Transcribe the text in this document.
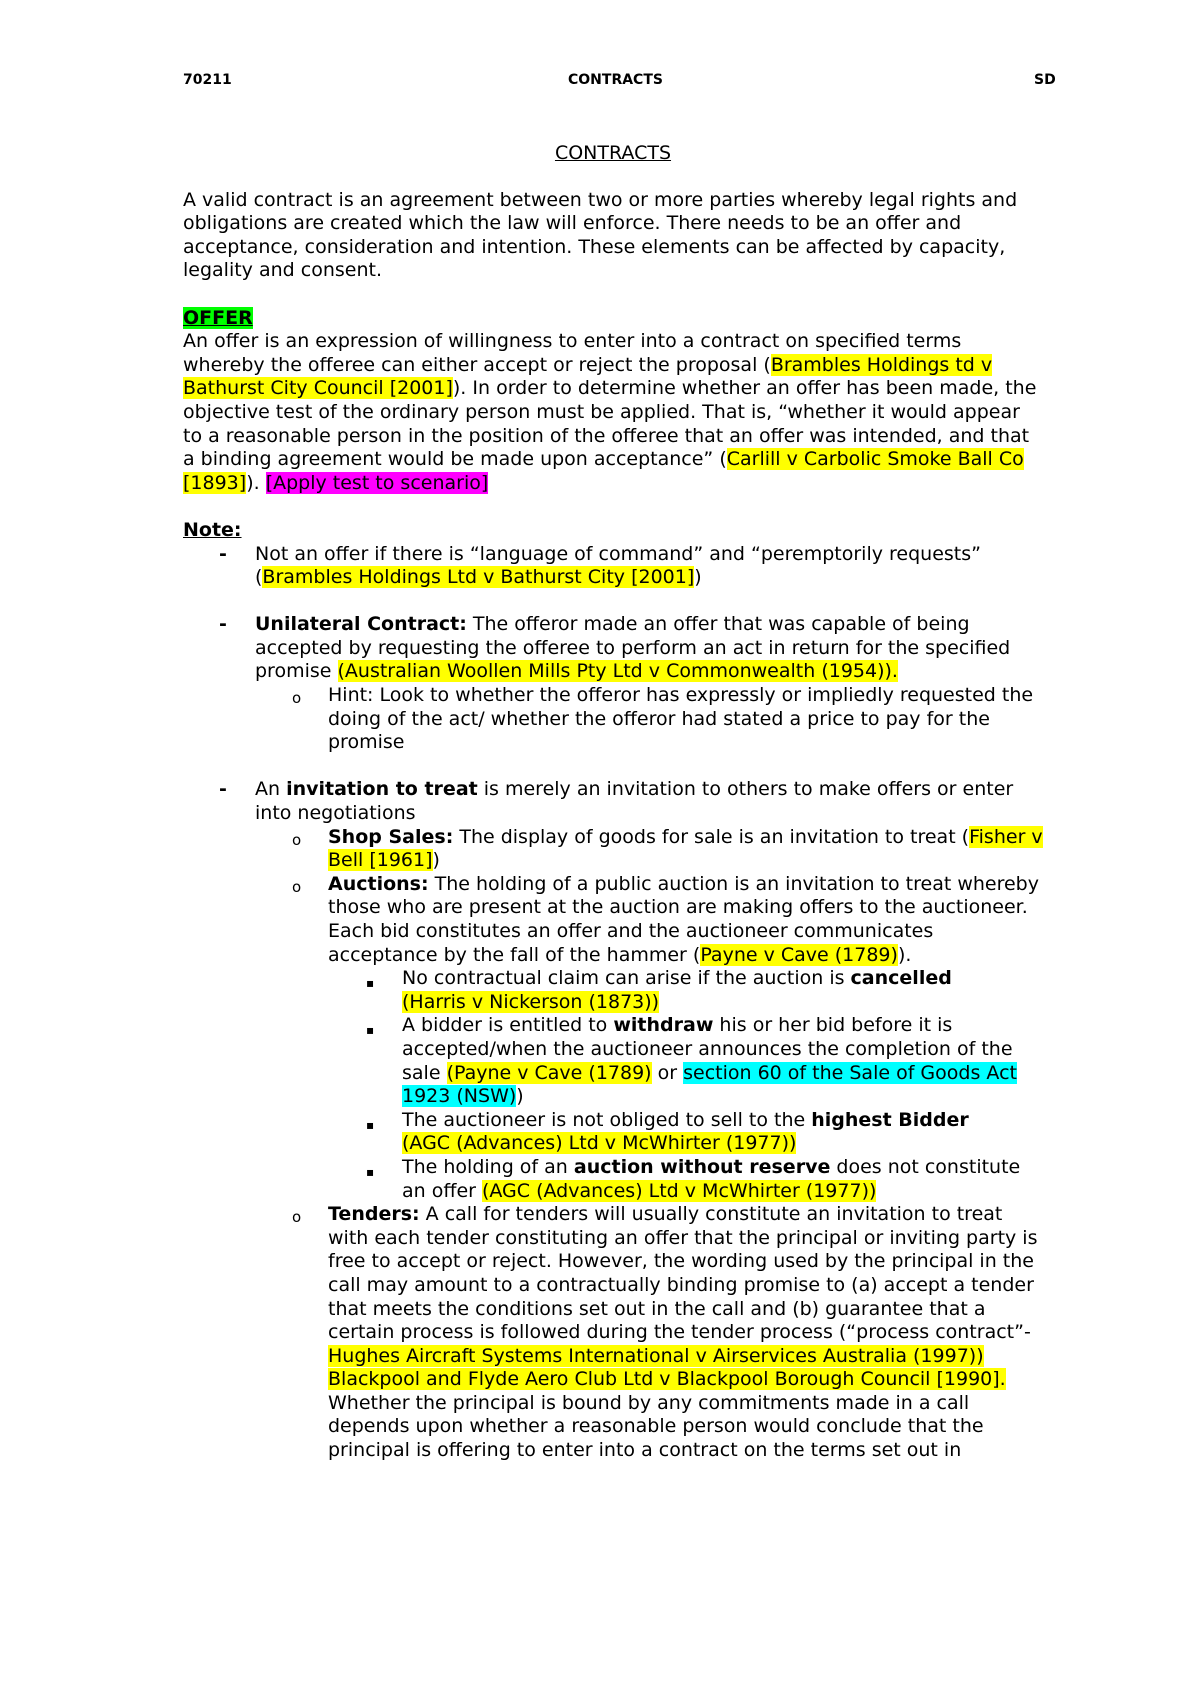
70211	CONTRACTS	SD
CONTRACTS

A valid contract is an agreement between two or more parties whereby legal rights and obligations are created which the law will enforce. There needs to be an offer and acceptance, consideration and intention. These elements can be affected by capacity, legality and consent.

OFFER

An offer is an expression of willingness to enter into a contract on specified terms whereby the offeree can either accept or reject the proposal (Brambles Holdings td v Bathurst City Council [2001]). In order to determine whether an offer has been made, the objective test of the ordinary person must be applied. That is, “whether it would appear to a reasonable person in the position of the offeree that an offer was intended, and that a binding agreement would be made upon acceptance” (Carlill v Carbolic Smoke Ball Co [1893]). [Apply test to scenario]

Note:

- Not an offer if there is “language of command” and “peremptorily requests” (Brambles Holdings Ltd v Bathurst City [2001])
- Unilateral Contract: The offeror made an offer that was capable of being accepted by requesting the offeree to perform an act in return for the specified promise (Australian Woollen Mills Pty Ltd v Commonwealth (1954)).
o Hint: Look to whether the offeror has expressly or impliedly requested the doing of the act/ whether the offeror had stated a price to pay for the promise
- An invitation to treat is merely an invitation to others to make offers or enter into negotiations
o Shop Sales: The display of goods for sale is an invitation to treat (Fisher v Bell [1961])
o Auctions: The holding of a public auction is an invitation to treat whereby those who are present at the auction are making offers to the auctioneer. Each bid constitutes an offer and the auctioneer communicates acceptance by the fall of the hammer (Payne v Cave (1789)).
▪ No contractual claim can arise if the auction is cancelled
(Harris v Nickerson (1873))
▪ A bidder is entitled to withdraw his or her bid before it is accepted/when the auctioneer announces the completion of the sale (Payne v Cave (1789) or section 60 of the Sale of Goods Act 1923 (NSW))
▪ The auctioneer is not obliged to sell to the highest Bidder
(AGC (Advances) Ltd v McWhirter (1977))
▪ The holding of an auction without reserve does not constitute an offer (AGC (Advances) Ltd v McWhirter (1977))
o Tenders: A call for tenders will usually constitute an invitation to treat with each tender constituting an offer that the principal or inviting party is free to accept or reject. However, the wording used by the principal in the call may amount to a contractually binding promise to (a) accept a tender that meets the conditions set out in the call and (b) guarantee that a certain process is followed during the tender process (“process contract”- Hughes Aircraft Systems International v Airservices Australia (1997)) Blackpool and Flyde Aero Club Ltd v Blackpool Borough Council [1990]. Whether the principal is bound by any commitments made in a call depends upon whether a reasonable person would conclude that the principal is offering to enter into a contract on the terms set out in
